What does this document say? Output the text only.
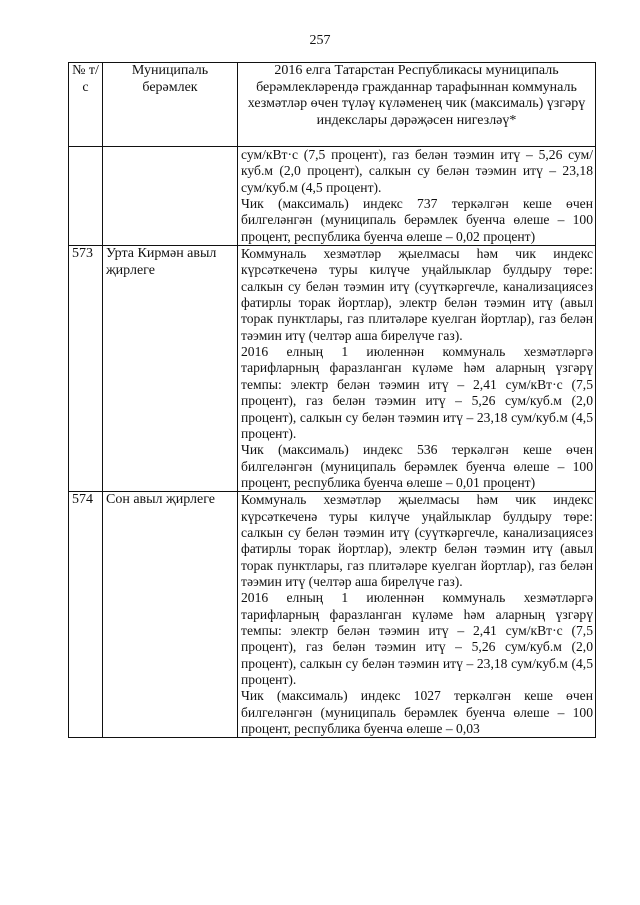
257
№ т/с	Муниципаль берәмлек	2016 елга Татарстан Республикасы муниципаль берәмлекләрендә гражданнар тарафыннан коммуналь хезмәтләр өчен түләү күләменең чик (максималь) үзгәрү индекслары дәрәҗәсен нигезләү*

		сум/кВт·с (7,5 процент), газ белән тәэмин итү – 5,26 сум/куб.м (2,0 процент), салкын су белән тәэмин итү – 23,18 сум/куб.м (4,5 процент).

Чик (максималь) индекс 737 теркәлгән кеше өчен билгеләнгән (муниципаль берәмлек буенча өлеше – 100 процент, республика буенча өлеше – 0,02 процент)

573	Урта Кирмән авыл җирлеге	Коммуналь хезмәтләр җыелмасы һәм чик индекс күрсәткеченә туры килүче уңайлыклар булдыру төре: салкын су белән тәэмин итү (суүткәргечле, канализациясез фатирлы торак йортлар), электр белән тәэмин итү (авыл торак пунктлары, газ плитәләре куелган йортлар), газ белән тәэмин итү (челтәр аша бирелүче газ).

2016 елның 1 июленнән коммуналь хезмәтләргә тарифларның фаразланган күләме һәм аларның үзгәрү темпы: электр белән тәэмин итү – 2,41 сум/кВт·с (7,5 процент), газ белән тәэмин итү – 5,26 сум/куб.м (2,0 процент), салкын су белән тәэмин итү – 23,18 сум/куб.м (4,5 процент).

Чик (максималь) индекс 536 теркәлгән кеше өчен билгеләнгән (муниципаль берәмлек буенча өлеше – 100 процент, республика буенча өлеше – 0,01 процент)

574	Сон авыл җирлеге	Коммуналь хезмәтләр җыелмасы һәм чик индекс күрсәткеченә туры килүче уңайлыклар булдыру төре: салкын су белән тәэмин итү (суүткәргечле, канализациясез фатирлы торак йортлар), электр белән тәэмин итү (авыл торак пунктлары, газ плитәләре куелган йортлар), газ белән тәэмин итү (челтәр аша бирелүче газ).

2016 елның 1 июленнән коммуналь хезмәтләргә тарифларның фаразланган күләме һәм аларның үзгәрү темпы: электр белән тәэмин итү – 2,41 сум/кВт·с (7,5 процент), газ белән тәэмин итү – 5,26 сум/куб.м (2,0 процент), салкын су белән тәэмин итү – 23,18 сум/куб.м (4,5 процент).

Чик (максималь) индекс 1027 теркәлгән кеше өчен билгеләнгән (муниципаль берәмлек буенча өлеше – 100 процент, республика буенча өлеше – 0,03
